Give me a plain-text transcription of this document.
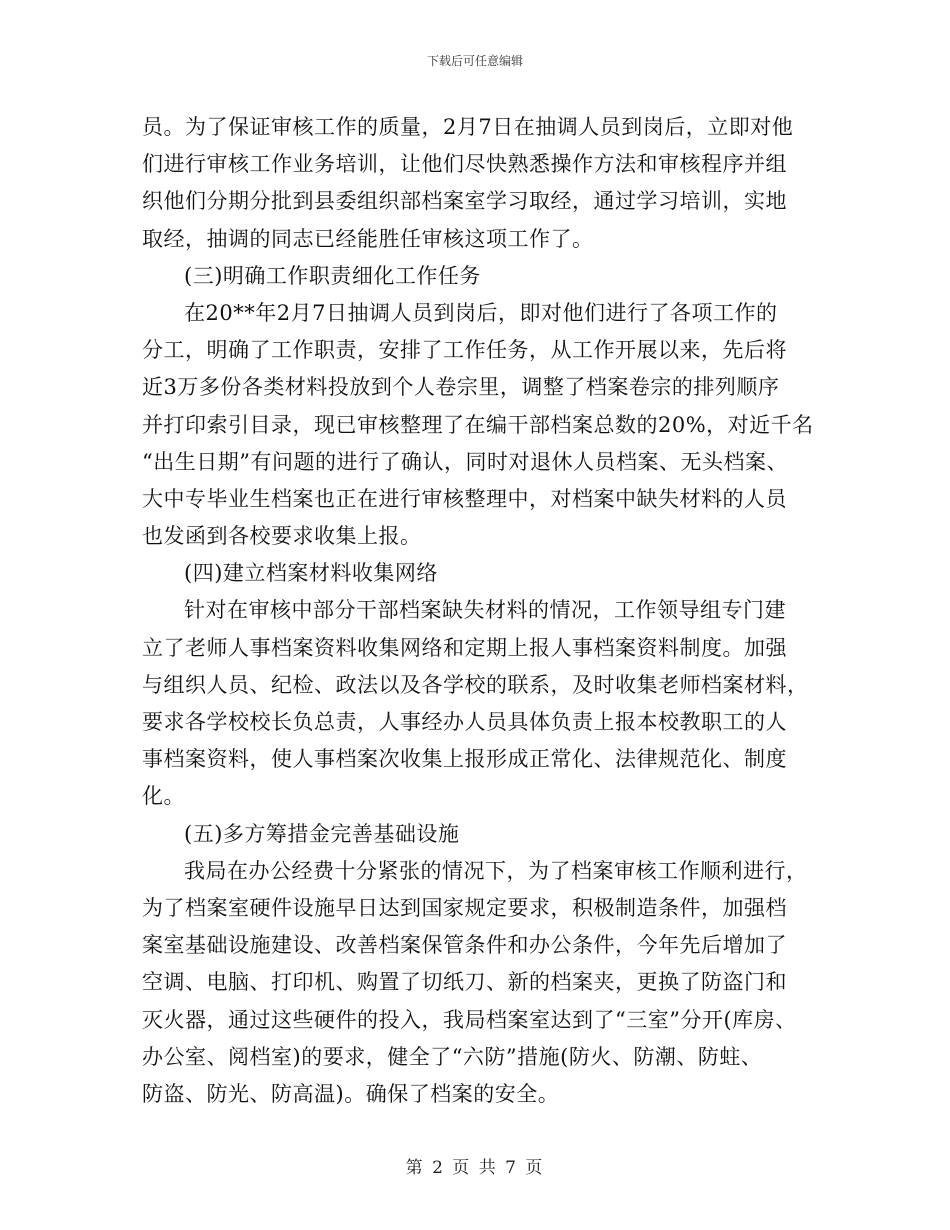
下载后可任意编辑
员。为了保证审核工作的质量，2月7日在抽调人员到岗后，立即对他
们进行审核工作业务培训，让他们尽快熟悉操作方法和审核程序并组
织他们分期分批到县委组织部档案室学习取经，通过学习培训，实地
取经，抽调的同志已经能胜任审核这项工作了。
(三)明确工作职责细化工作任务
在20**年2月7日抽调人员到岗后，即对他们进行了各项工作的
分工，明确了工作职责，安排了工作任务，从工作开展以来，先后将
近3万多份各类材料投放到个人卷宗里，调整了档案卷宗的排列顺序
并打印索引目录，现已审核整理了在编干部档案总数的20%，对近千名
“出生日期”有问题的进行了确认，同时对退休人员档案、无头档案、
大中专毕业生档案也正在进行审核整理中，对档案中缺失材料的人员
也发函到各校要求收集上报。
(四)建立档案材料收集网络
针对在审核中部分干部档案缺失材料的情况，工作领导组专门建
立了老师人事档案资料收集网络和定期上报人事档案资料制度。加强
与组织人员、纪检、政法以及各学校的联系，及时收集老师档案材料，
要求各学校校长负总责，人事经办人员具体负责上报本校教职工的人
事档案资料，使人事档案次收集上报形成正常化、法律规范化、制度
化。
(五)多方筹措金完善基础设施
我局在办公经费十分紧张的情况下，为了档案审核工作顺利进行，
为了档案室硬件设施早日达到国家规定要求，积极制造条件，加强档
案室基础设施建设、改善档案保管条件和办公条件，今年先后增加了
空调、电脑、打印机、购置了切纸刀、新的档案夹，更换了防盗门和
灭火器，通过这些硬件的投入，我局档案室达到了“三室”分开(库房、
办公室、阅档室)的要求，健全了“六防”措施(防火、防潮、防蛀、
防盗、防光、防高温)。确保了档案的安全。
第 2 页 共 7 页
